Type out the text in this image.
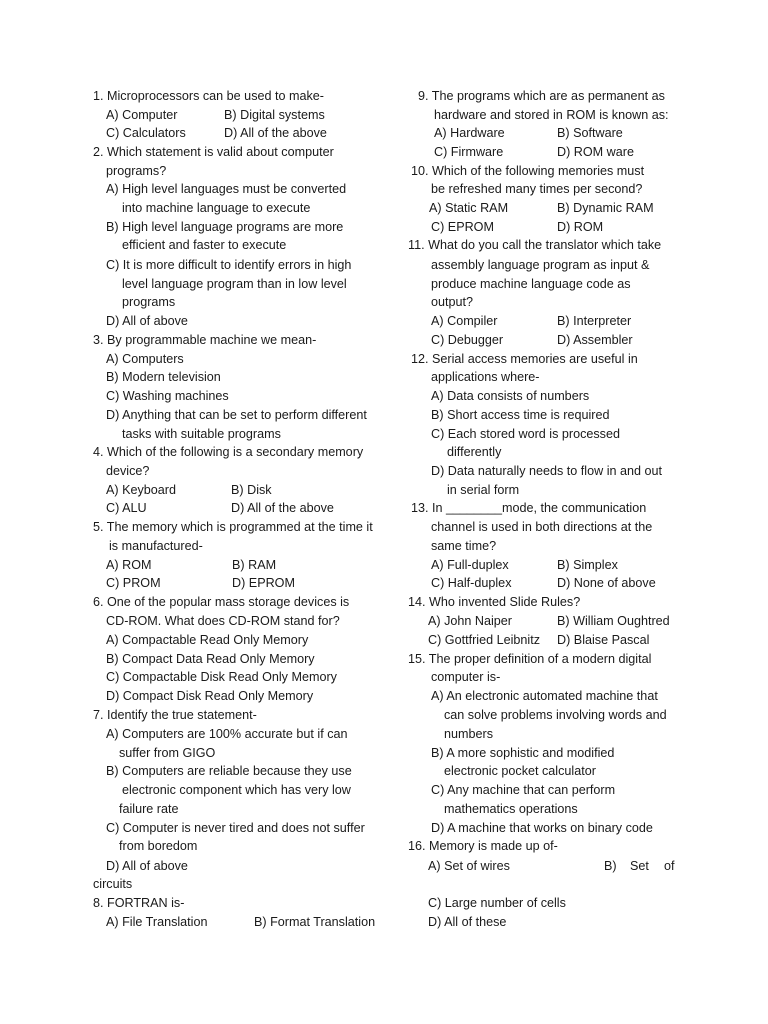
1. Microprocessors can be used to make-
A) Computer	B) Digital systems
C) Calculators	D) All of the above
2. Which statement is valid about computer
programs?
A) High level languages must be converted
into machine language to execute
B) High level language programs are more
efficient and faster to execute
C) It is more difficult to identify errors in high
level language program than in low level
programs
D) All of above
3. By programmable machine we mean-
A) Computers
B) Modern television
C) Washing machines
D) Anything that can be set to perform different
tasks with suitable programs
4. Which of the following is a secondary memory
device?
A) Keyboard	B) Disk
C) ALU	D) All of the above
5. The memory which is programmed at the time it
is manufactured-
A) ROM	B) RAM
C) PROM	D) EPROM
6. One of the popular mass storage devices is
CD-ROM. What does CD-ROM stand for?
A) Compactable Read Only Memory
B) Compact Data Read Only Memory
C) Compactable Disk Read Only Memory
D) Compact Disk Read Only Memory
7. Identify the true statement-
A) Computers are 100% accurate but if can
suffer from GIGO
B) Computers are reliable because they use
electronic component which has very low
failure rate
C) Computer is never tired and does not suffer
from boredom
D) All of above
circuits
8. FORTRAN is-
A) File Translation	B) Format Translation
9. The programs which are as permanent as
hardware and stored in ROM is known as:
A) Hardware	B) Software
C) Firmware	D) ROM ware
10. Which of the following memories must
be refreshed many times per second?
A) Static RAM	B) Dynamic RAM
C) EPROM	D) ROM
11. What do you call the translator which take
assembly language program as input &
produce machine language code as
output?
A) Compiler	B) Interpreter
C) Debugger	D) Assembler
12. Serial access memories are useful in
applications where-
A) Data consists of numbers
B) Short access time is required
C) Each stored word is processed
differently
D) Data naturally needs to flow in and out
in serial form
13. In ________mode, the communication
channel is used in both directions at the
same time?
A) Full-duplex	B) Simplex
C) Half-duplex	D) None of above
14. Who invented Slide Rules?
A) John Naiper	B) William Oughtred
C) Gottfried Leibnitz D) Blaise Pascal
15. The proper definition of a modern digital
computer is-
A) An electronic automated machine that
can solve problems involving words and
numbers
B) A more sophistic and modified
electronic pocket calculator
C) Any machine that can perform
mathematics operations
D) A machine that works on binary code
16. Memory is made up of-
A) Set of wires	B) Set of
C) Large number of cells
D) All of these
